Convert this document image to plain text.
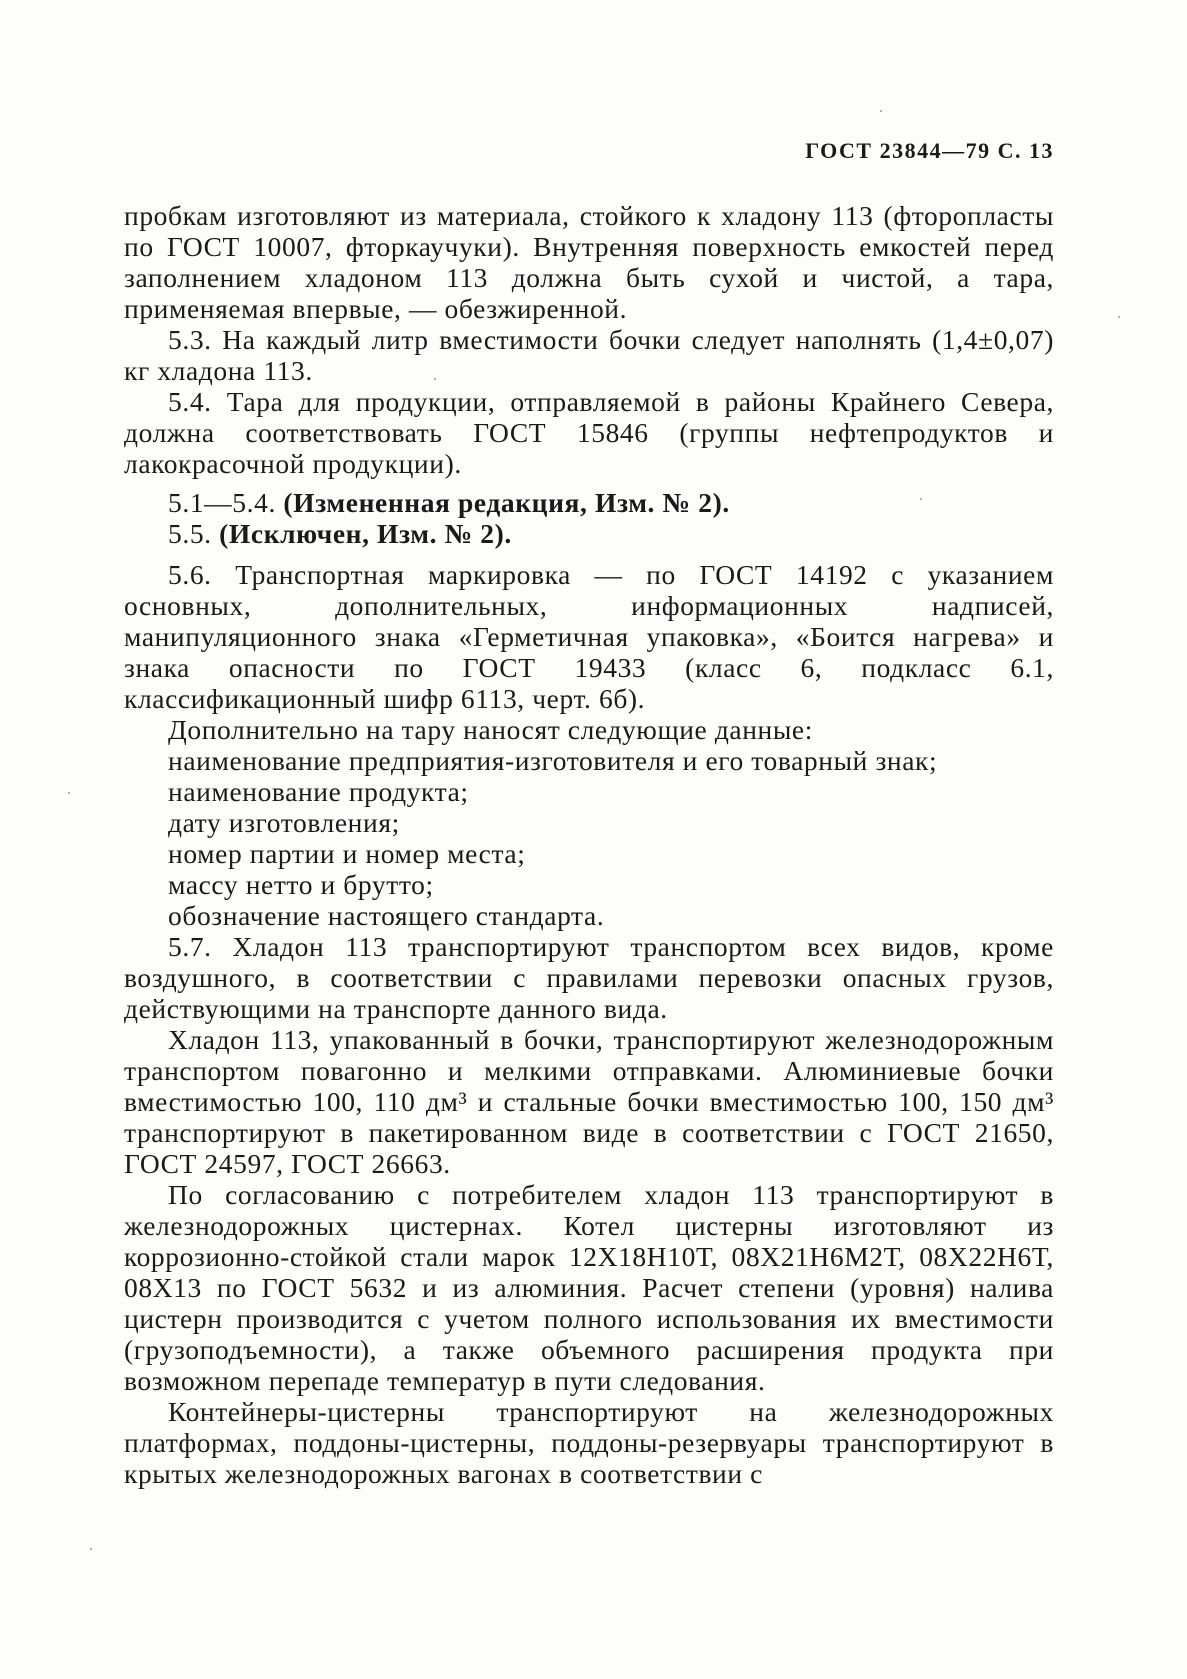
ГОСТ 23844—79 С. 13

пробкам изготовляют из материала, стойкого к хладону 113 (фторопласты по ГОСТ 10007, фторкаучуки). Внутренняя поверхность емкостей перед заполнением хладоном 113 должна быть сухой и чистой, а тара, применяемая впервые, — обезжиренной.

5.3. На каждый литр вместимости бочки следует наполнять (1,4±0,07) кг хладона 113.

5.4. Тара для продукции, отправляемой в районы Крайнего Севера, должна соответствовать ГОСТ 15846 (группы нефтепродуктов и лакокрасочной продукции).

5.1—5.4. (Измененная редакция, Изм. № 2).

5.5. (Исключен, Изм. № 2).

5.6. Транспортная маркировка — по ГОСТ 14192 с указанием основных, дополнительных, информационных надписей, манипуляционного знака «Герметичная упаковка», «Боится нагрева» и знака опасности по ГОСТ 19433 (класс 6, подкласс 6.1, классификационный шифр 6113, черт. 6б).

Дополнительно на тару наносят следующие данные:

наименование предприятия-изготовителя и его товарный знак;

наименование продукта;

дату изготовления;

номер партии и номер места;

массу нетто и брутто;

обозначение настоящего стандарта.

5.7. Хладон 113 транспортируют транспортом всех видов, кроме воздушного, в соответствии с правилами перевозки опасных грузов, действующими на транспорте данного вида.

Хладон 113, упакованный в бочки, транспортируют железнодорожным транспортом повагонно и мелкими отправками. Алюминиевые бочки вместимостью 100, 110 дм³ и стальные бочки вместимостью 100, 150 дм³ транспортируют в пакетированном виде в соответствии с ГОСТ 21650, ГОСТ 24597, ГОСТ 26663.

По согласованию с потребителем хладон 113 транспортируют в железнодорожных цистернах. Котел цистерны изготовляют из коррозионно-стойкой стали марок 12Х18Н10Т, 08Х21Н6М2Т, 08Х22Н6Т, 08Х13 по ГОСТ 5632 и из алюминия. Расчет степени (уровня) налива цистерн производится с учетом полного использования их вместимости (грузоподъемности), а также объемного расширения продукта при возможном перепаде температур в пути следования.

Контейнеры-цистерны транспортируют на железнодорожных платформах, поддоны-цистерны, поддоны-резервуары транспортируют в крытых железнодорожных вагонах в соответствии с
